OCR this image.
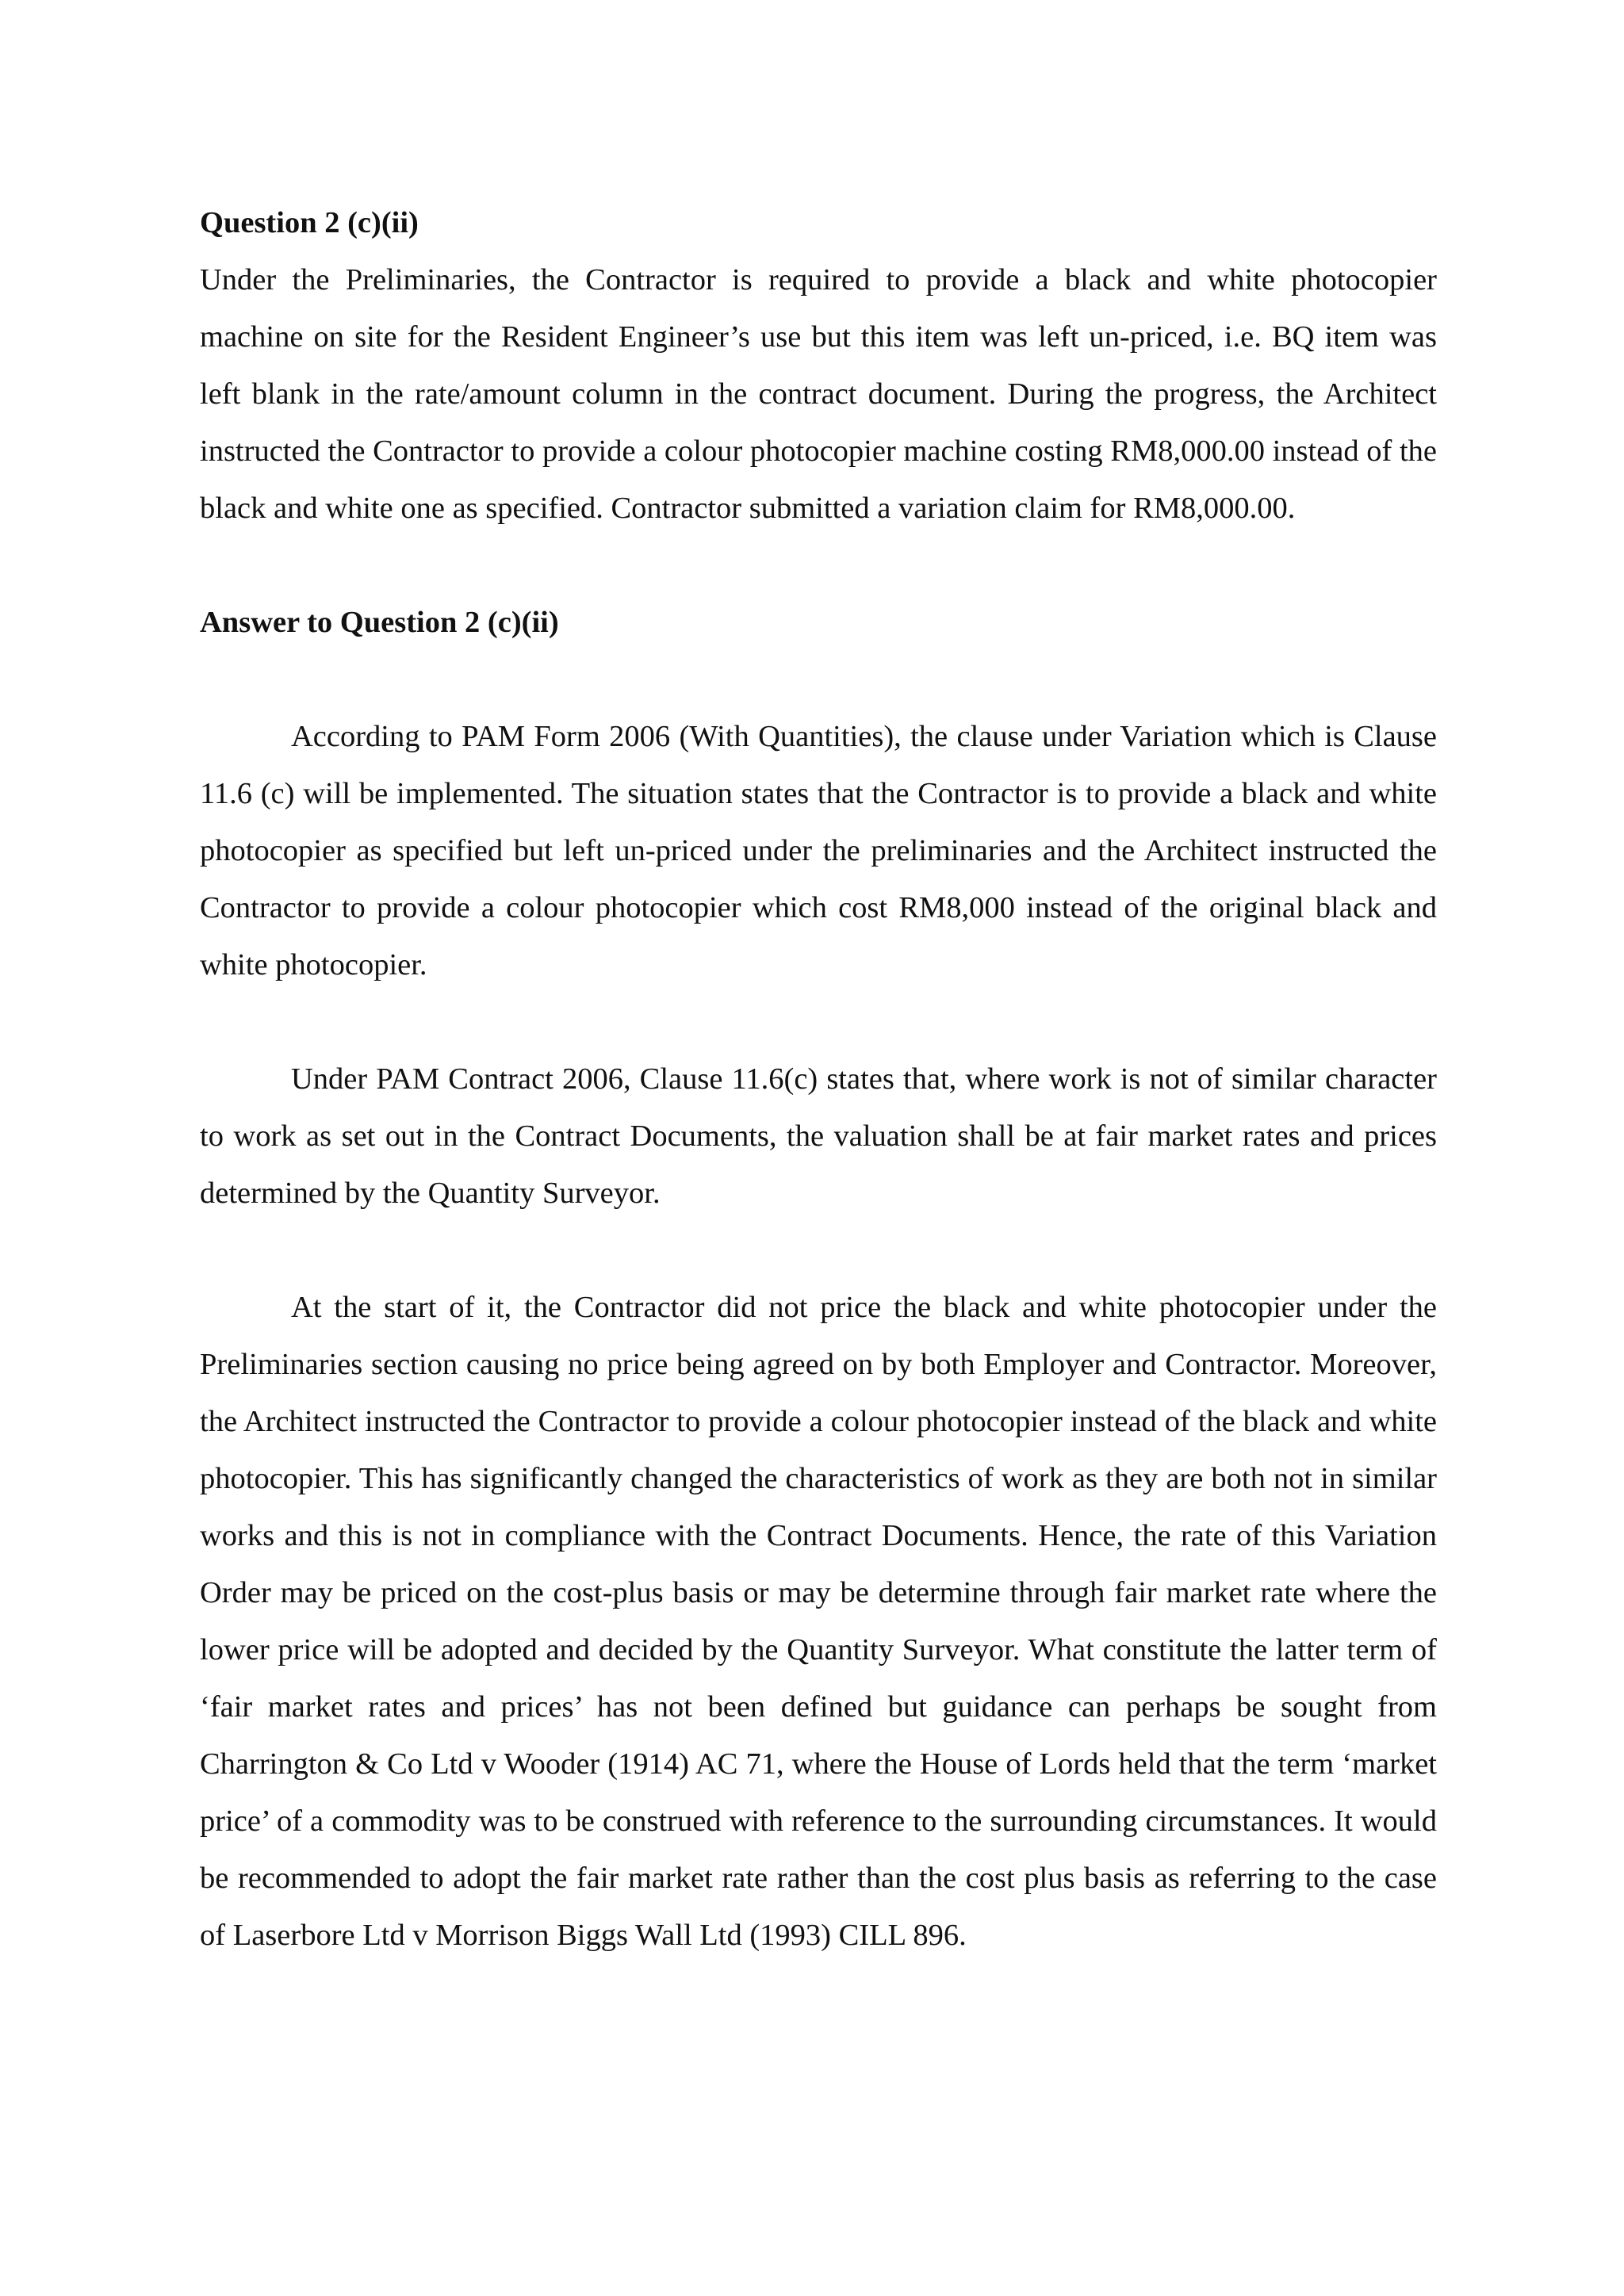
Question 2 (c)(ii)

Under the Preliminaries, the Contractor is required to provide a black and white photocopier machine on site for the Resident Engineer’s use but this item was left un-priced, i.e. BQ item was left blank in the rate/amount column in the contract document. During the progress, the Architect instructed the Contractor to provide a colour photocopier machine costing RM8,000.00 instead of the black and white one as specified. Contractor submitted a variation claim for RM8,000.00.

Answer to Question 2 (c)(ii)

According to PAM Form 2006 (With Quantities), the clause under Variation which is Clause 11.6 (c) will be implemented. The situation states that the Contractor is to provide a black and white photocopier as specified but left un-priced under the preliminaries and the Architect instructed the Contractor to provide a colour photocopier which cost RM8,000 instead of the original black and white photocopier.

Under PAM Contract 2006, Clause 11.6(c) states that, where work is not of similar character to work as set out in the Contract Documents, the valuation shall be at fair market rates and prices determined by the Quantity Surveyor.

At the start of it, the Contractor did not price the black and white photocopier under the Preliminaries section causing no price being agreed on by both Employer and Contractor. Moreover, the Architect instructed the Contractor to provide a colour photocopier instead of the black and white photocopier. This has significantly changed the characteristics of work as they are both not in similar works and this is not in compliance with the Contract Documents. Hence, the rate of this Variation Order may be priced on the cost-plus basis or may be determine through fair market rate where the lower price will be adopted and decided by the Quantity Surveyor. What constitute the latter term of ‘fair market rates and prices’ has not been defined but guidance can perhaps be sought from Charrington & Co Ltd v Wooder (1914) AC 71, where the House of Lords held that the term ‘market price’ of a commodity was to be construed with reference to the surrounding circumstances. It would be recommended to adopt the fair market rate rather than the cost plus basis as referring to the case of Laserbore Ltd v Morrison Biggs Wall Ltd (1993) CILL 896.
